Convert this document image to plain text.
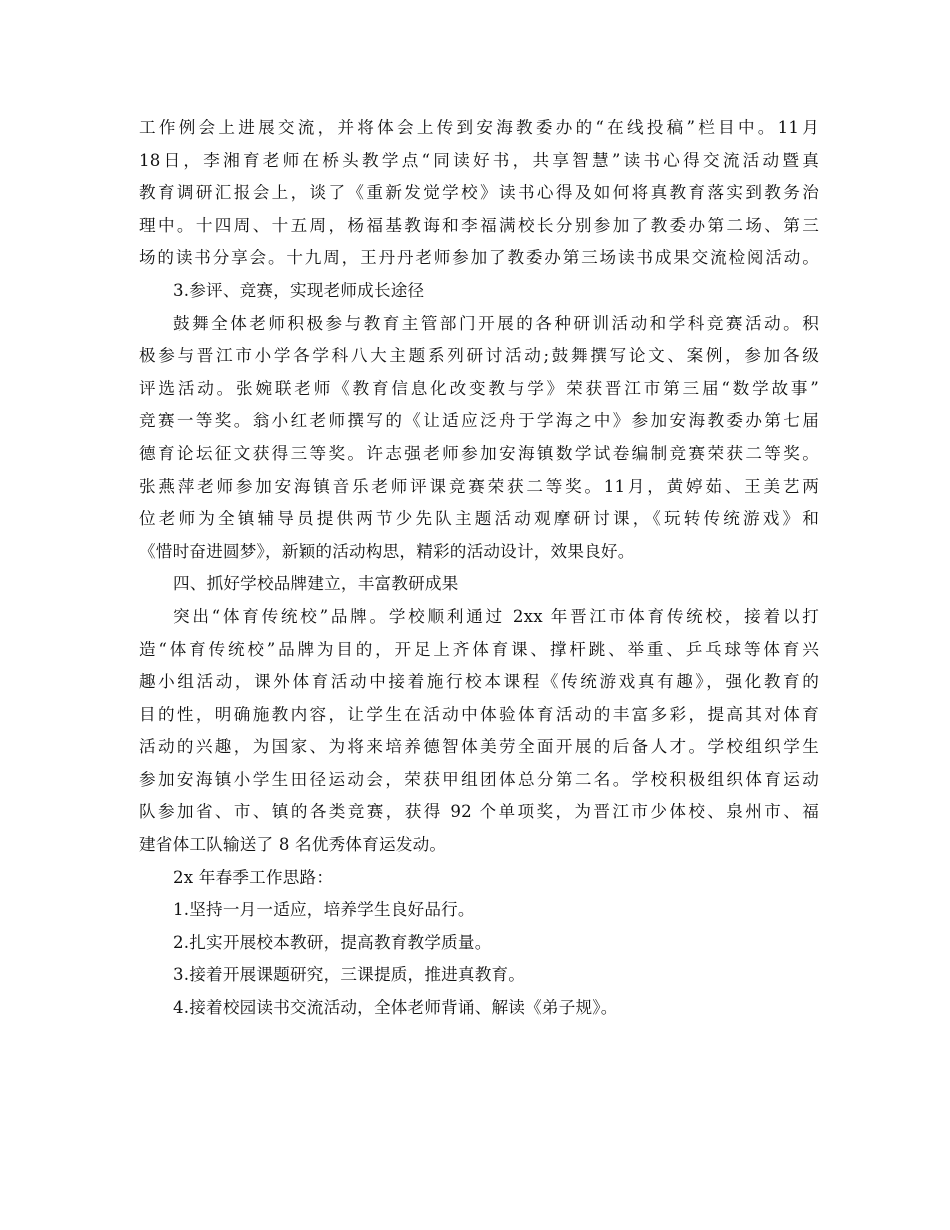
工作例会上进展交流，并将体会上传到安海教委办的“在线投稿”栏目中。11月
18日，李湘育老师在桥头教学点“同读好书，共享智慧”读书心得交流活动暨真
教育调研汇报会上，谈了《重新发觉学校》读书心得及如何将真教育落实到教务治
理中。十四周、十五周，杨福基教诲和李福满校长分别参加了教委办第二场、第三
场的读书分享会。十九周，王丹丹老师参加了教委办第三场读书成果交流检阅活动。
3.参评、竞赛，实现老师成长途径
鼓舞全体老师积极参与教育主管部门开展的各种研训活动和学科竞赛活动。积
极参与晋江市小学各学科八大主题系列研讨活动;鼓舞撰写论文、案例，参加各级
评选活动。张婉联老师《教育信息化改变教与学》荣获晋江市第三届“数学故事”
竞赛一等奖。翁小红老师撰写的《让适应泛舟于学海之中》参加安海教委办第七届
德育论坛征文获得三等奖。许志强老师参加安海镇数学试卷编制竞赛荣获二等奖。
张燕萍老师参加安海镇音乐老师评课竞赛荣获二等奖。11月，黄婷茹、王美艺两
位老师为全镇辅导员提供两节少先队主题活动观摩研讨课，《玩转传统游戏》和
《惜时奋进圆梦》，新颖的活动构思，精彩的活动设计，效果良好。
四、抓好学校品牌建立，丰富教研成果
突出“体育传统校”品牌。学校顺利通过 2xx 年晋江市体育传统校，接着以打
造“体育传统校”品牌为目的，开足上齐体育课、撑杆跳、举重、乒乓球等体育兴
趣小组活动，课外体育活动中接着施行校本课程《传统游戏真有趣》，强化教育的
目的性，明确施教内容，让学生在活动中体验体育活动的丰富多彩，提高其对体育
活动的兴趣，为国家、为将来培养德智体美劳全面开展的后备人才。学校组织学生
参加安海镇小学生田径运动会，荣获甲组团体总分第二名。学校积极组织体育运动
队参加省、市、镇的各类竞赛，获得 92 个单项奖，为晋江市少体校、泉州市、福
建省体工队输送了 8 名优秀体育运发动。
2x 年春季工作思路：
1.坚持一月一适应，培养学生良好品行。
2.扎实开展校本教研，提高教育教学质量。
3.接着开展课题研究，三课提质，推进真教育。
4.接着校园读书交流活动，全体老师背诵、解读《弟子规》。
